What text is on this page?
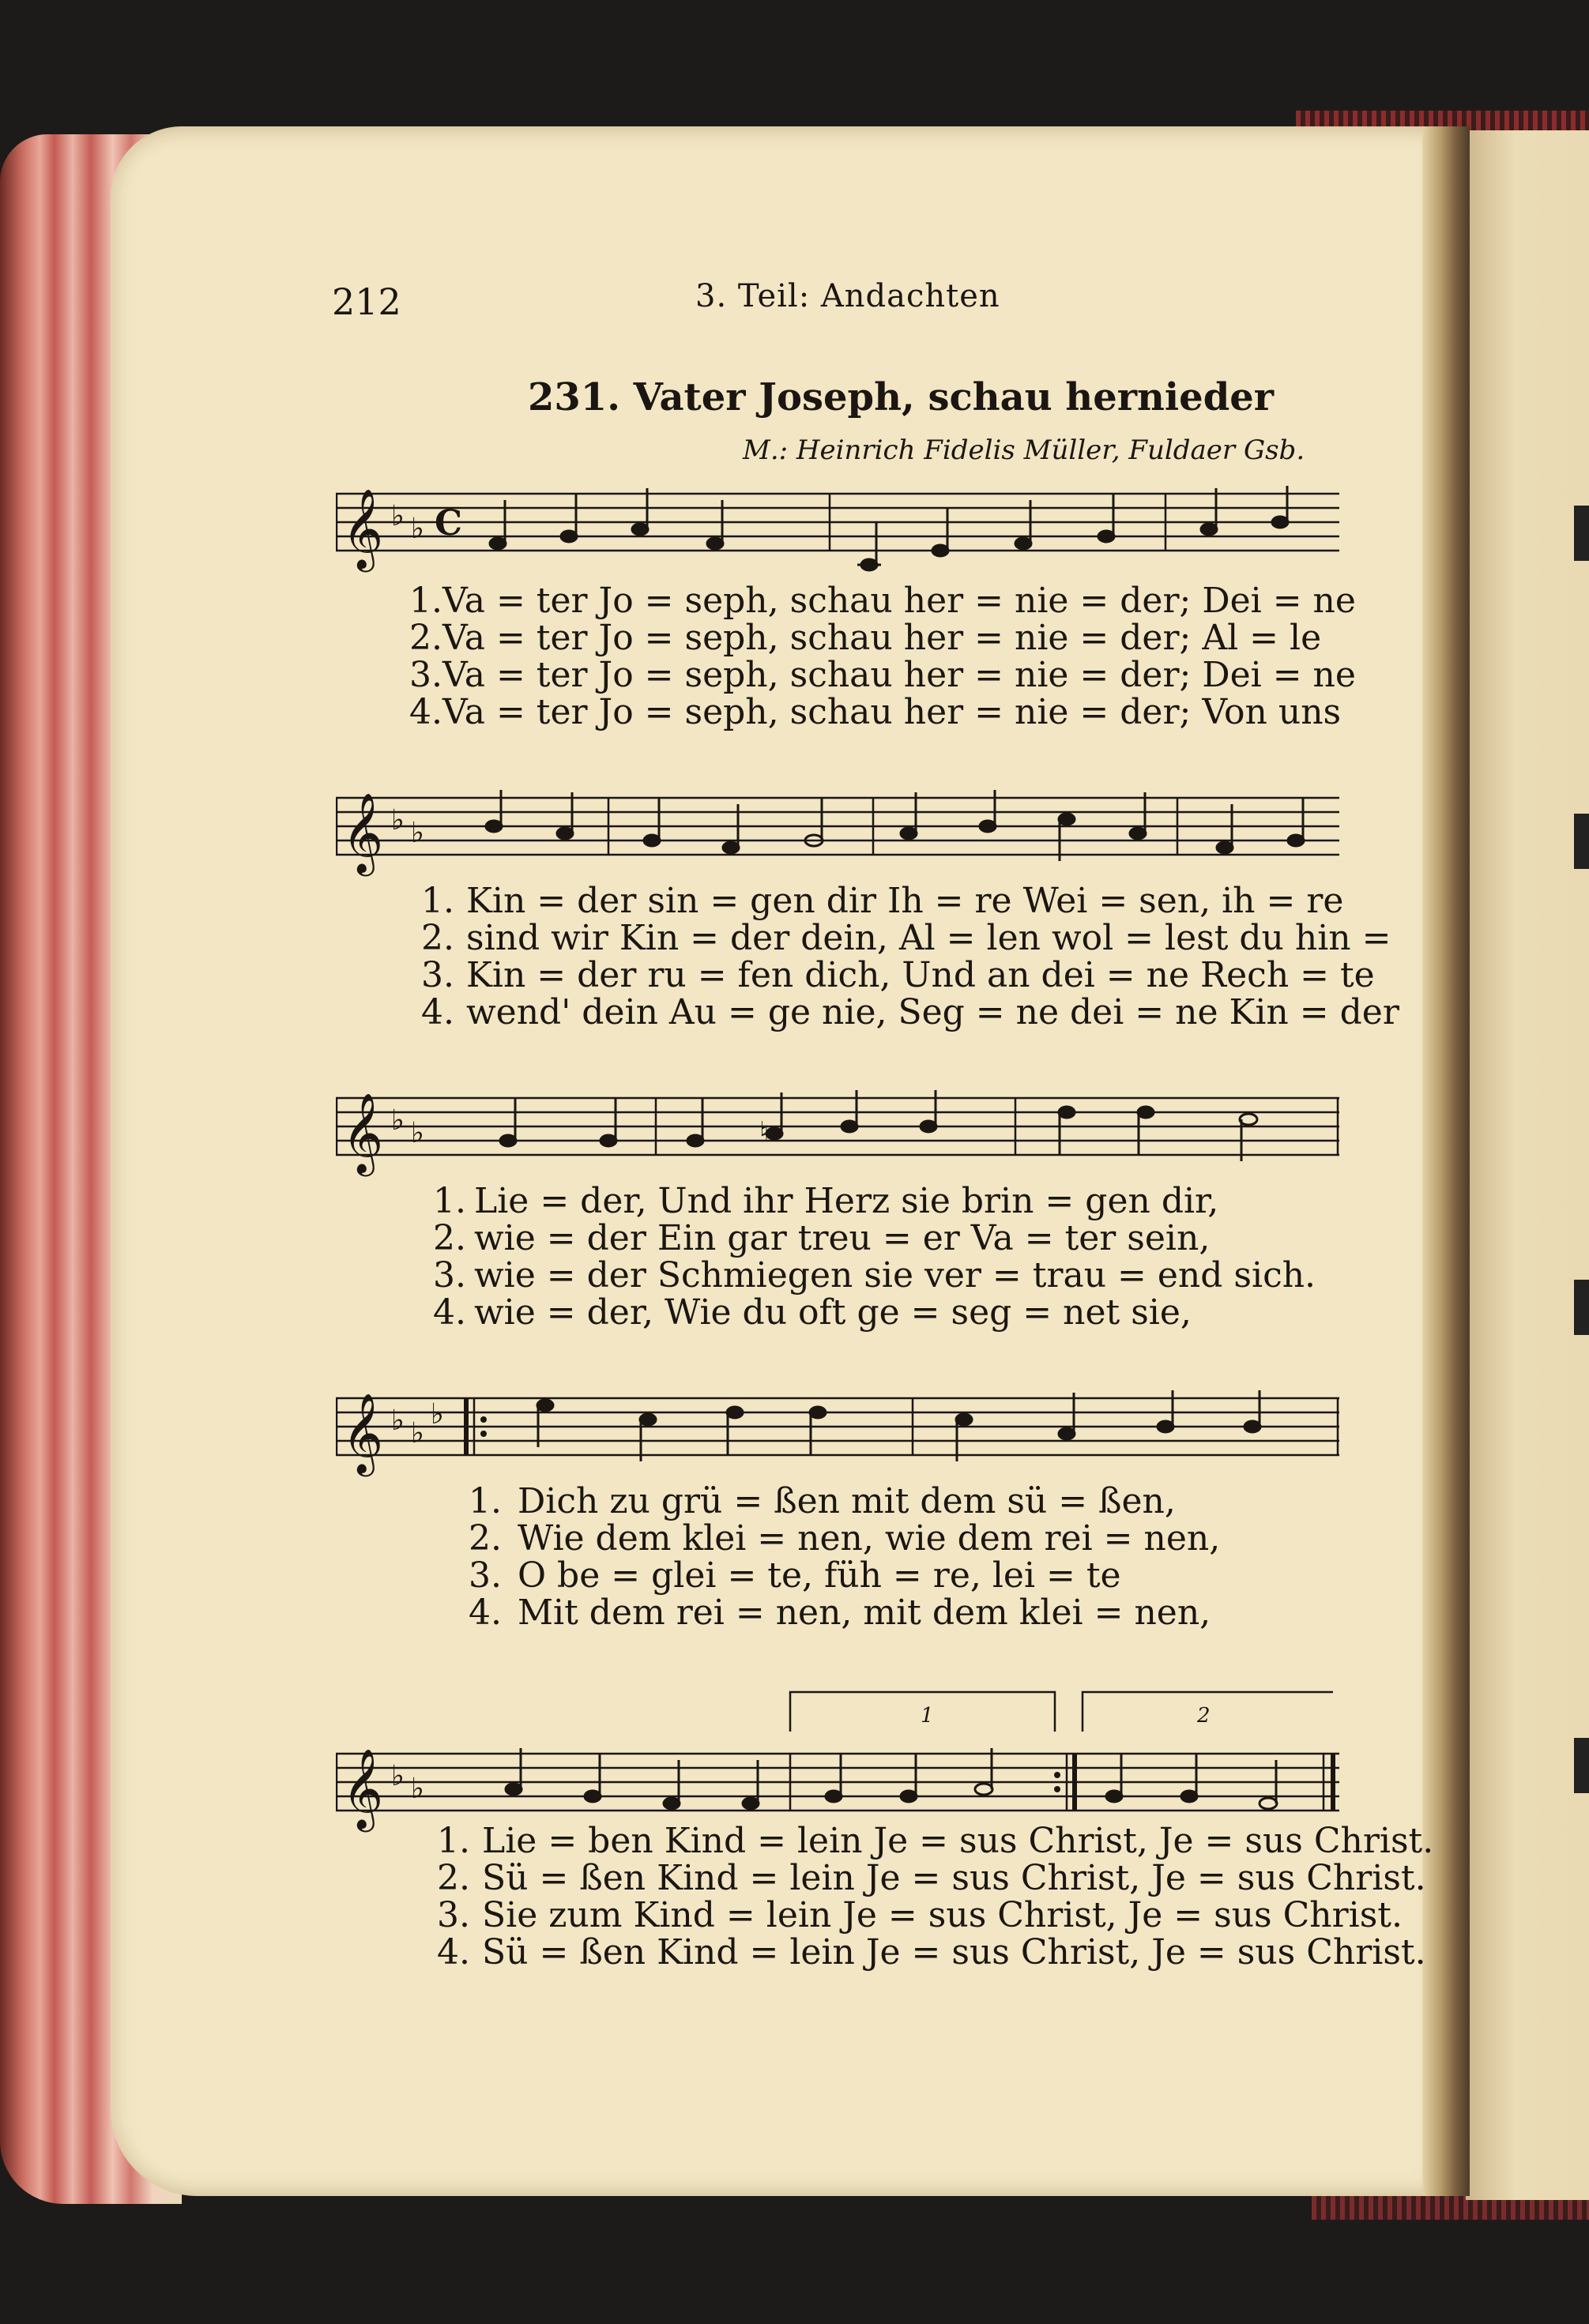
212	3. Teil: Andachten
231. Vater Joseph, schau hernieder
M.: Heinrich Fidelis Müller, Fuldaer Gsb.
𝄞 ♭ ♭ C
𝄞 ♭ ♭
𝄞 ♭ ♭	♮
𝄞 ♭ ♭
♭
1	2
𝄞 ♭ ♭
1. Va = ter Jo = seph, schau her = nie = der; Dei = ne
2. Va = ter Jo = seph, schau her = nie = der; Al = le
3. Va = ter Jo = seph, schau her = nie = der; Dei = ne
4. Va = ter Jo = seph, schau her = nie = der; Von uns
1. Kin = der sin = gen dir Ih = re Wei = sen, ih = re
2. sind wir Kin = der dein, Al = len wol = lest du hin =
3. Kin = der ru = fen dich, Und an dei = ne Rech = te
4. wend' dein Au = ge nie, Seg = ne dei = ne Kin = der
1. Lie = der, Und ihr Herz sie brin = gen dir,
2. wie = der Ein gar treu = er Va = ter sein,
3. wie = der Schmiegen sie ver = trau = end sich.
4. wie = der, Wie du oft ge = seg = net sie,
1. Dich zu grü = ßen mit dem sü = ßen,
2. Wie dem klei = nen, wie dem rei = nen,
3. O be = glei = te, füh = re, lei = te
4. Mit dem rei = nen, mit dem klei = nen,
1. Lie = ben Kind = lein Je = sus Christ, Je = sus Christ.
2. Sü = ßen Kind = lein Je = sus Christ, Je = sus Christ.
3. Sie zum Kind = lein Je = sus Christ, Je = sus Christ.
4. Sü = ßen Kind = lein Je = sus Christ, Je = sus Christ.
